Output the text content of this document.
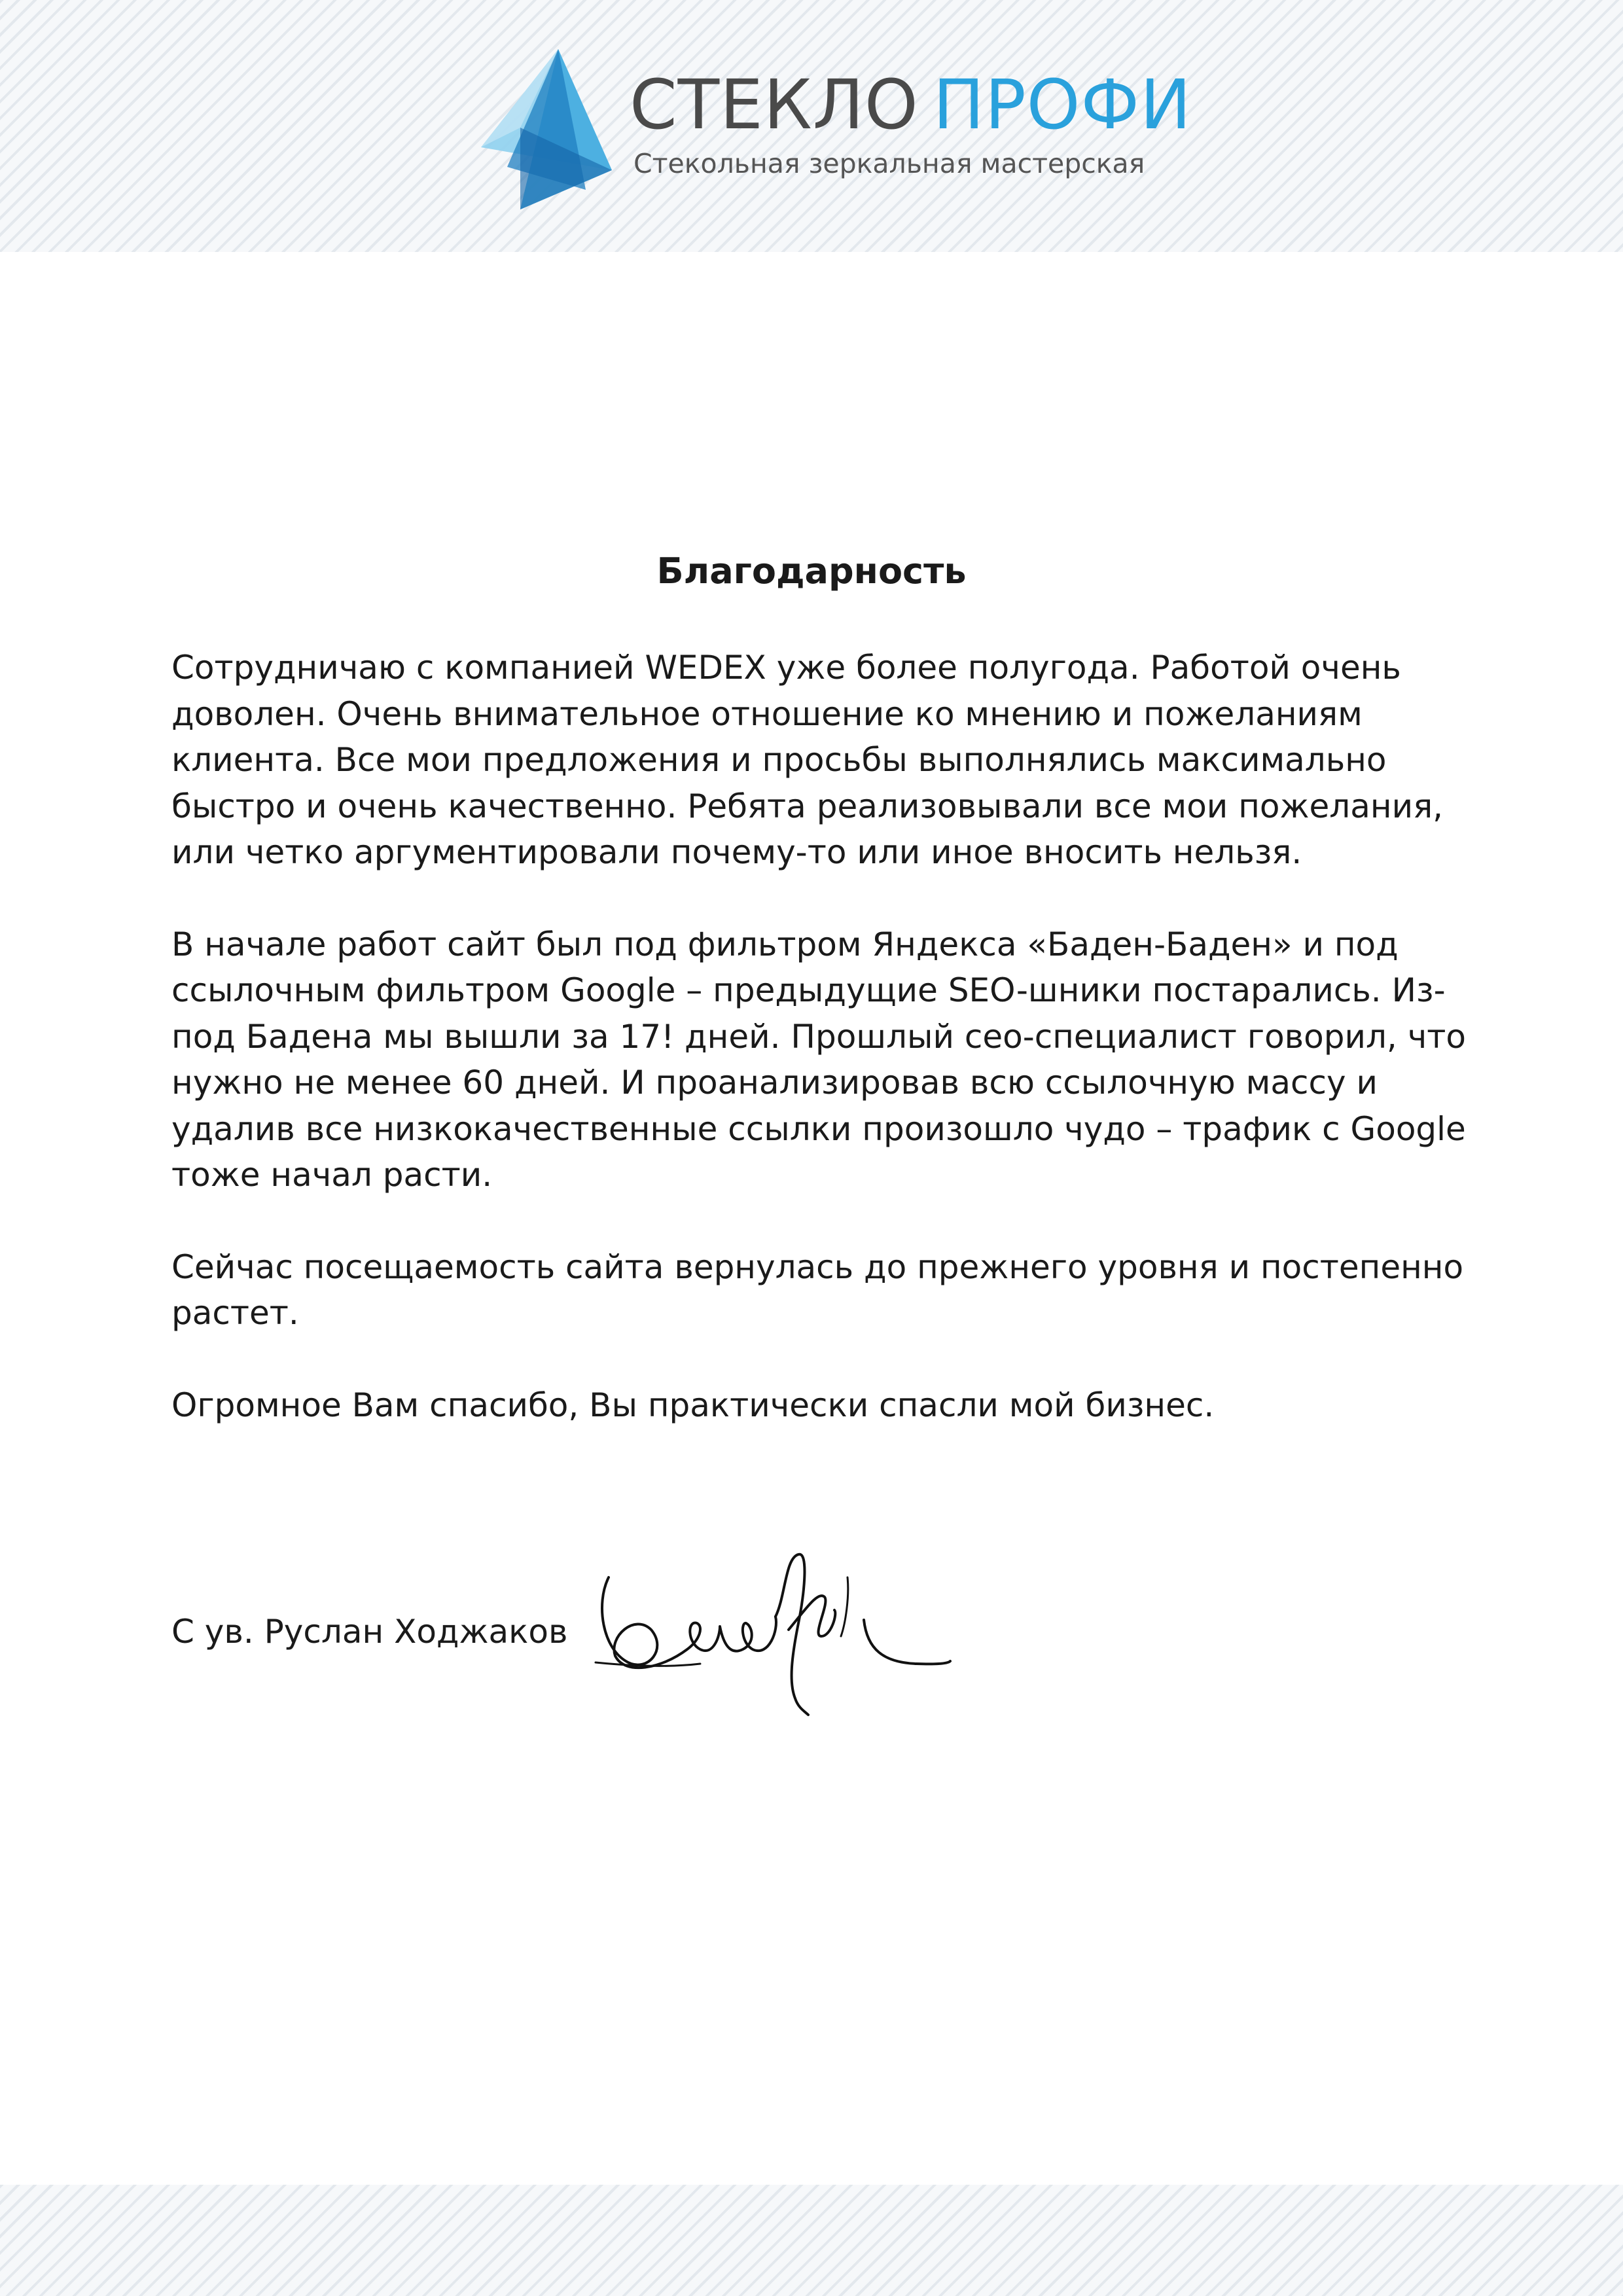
СТЕКЛО ПРОФИ
Стекольная зеркальная мастерская
Благодарность

Сотрудничаю с компанией WEDEX уже более полугода. Работой очень доволен. Очень внимательное отношение ко мнению и пожеланиям клиента. Все мои предложения и просьбы выполнялись максимально быстро и очень качественно. Ребята реализовывали все мои пожелания, или четко аргументировали почему-то или иное вносить нельзя.

В начале работ сайт был под фильтром Яндекса «Баден-Баден» и под ссылочным фильтром Google – предыдущие SEO-шники постарались. Из-под Бадена мы вышли за 17! дней. Прошлый сео-специалист говорил, что нужно не менее 60 дней. И проанализировав всю ссылочную массу и удалив все низкокачественные ссылки произошло чудо – трафик с Google тоже начал расти.

Сейчас посещаемость сайта вернулась до прежнего уровня и постепенно растет.

Огромное Вам спасибо, Вы практически спасли мой бизнес.

С ув. Руслан Ходжаков
